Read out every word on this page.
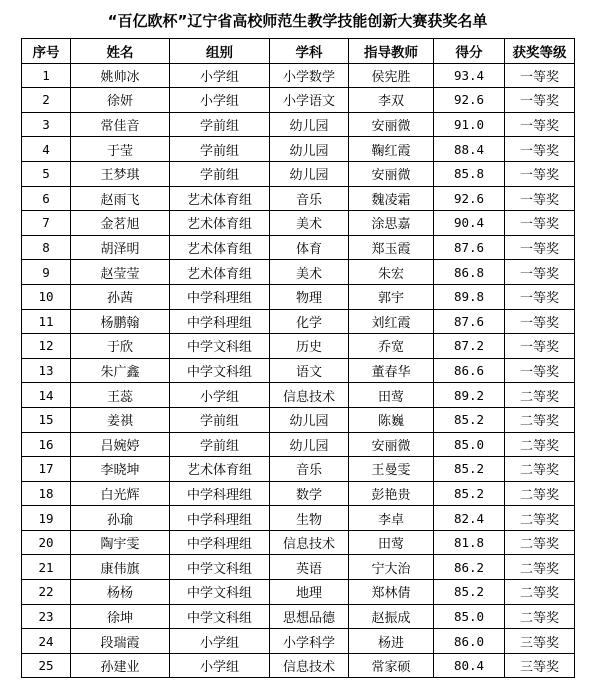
“百亿欧杯”辽宁省高校师范生教学技能创新大赛获奖名单
序号	姓名	组别	学科	指导教师	得分	获奖等级
1	姚帅冰	小学组	小学数学	侯宪胜	93.4	一等奖
2	徐妍	小学组	小学语文	李双	92.6	一等奖
3	常佳音	学前组	幼儿园	安丽微	91.0	一等奖
4	于莹	学前组	幼儿园	鞠红霞	88.4	一等奖
5	王梦琪	学前组	幼儿园	安丽微	85.8	一等奖
6	赵雨飞	艺术体育组	音乐	魏凌霜	92.6	一等奖
7	金茗旭	艺术体育组	美术	涂思嘉	90.4	一等奖
8	胡泽明	艺术体育组	体育	郑玉霞	87.6	一等奖
9	赵莹莹	艺术体育组	美术	朱宏	86.8	一等奖
10	孙茜	中学科理组	物理	郭宇	89.8	一等奖
11	杨鹏翰	中学科理组	化学	刘红霞	87.6	一等奖
12	于欣	中学文科组	历史	乔宽	87.2	一等奖
13	朱广鑫	中学文科组	语文	董春华	86.6	一等奖
14	王蕊	小学组	信息技术	田莺	89.2	二等奖
15	姜祺	学前组	幼儿园	陈巍	85.2	二等奖
16	吕婉婷	学前组	幼儿园	安丽微	85.0	二等奖
17	李晓坤	艺术体育组	音乐	王曼雯	85.2	二等奖
18	白光辉	中学科理组	数学	彭艳贵	85.2	二等奖
19	孙瑜	中学科理组	生物	李卓	82.4	二等奖
20	陶宇雯	中学科理组	信息技术	田莺	81.8	二等奖
21	康伟旗	中学文科组	英语	宁大治	86.2	二等奖
22	杨杨	中学文科组	地理	郑林倩	85.2	二等奖
23	徐坤	中学文科组	思想品德	赵振成	85.0	二等奖
24	段瑞霞	小学组	小学科学	杨进	86.0	三等奖
25	孙建业	小学组	信息技术	常家硕	80.4	三等奖
